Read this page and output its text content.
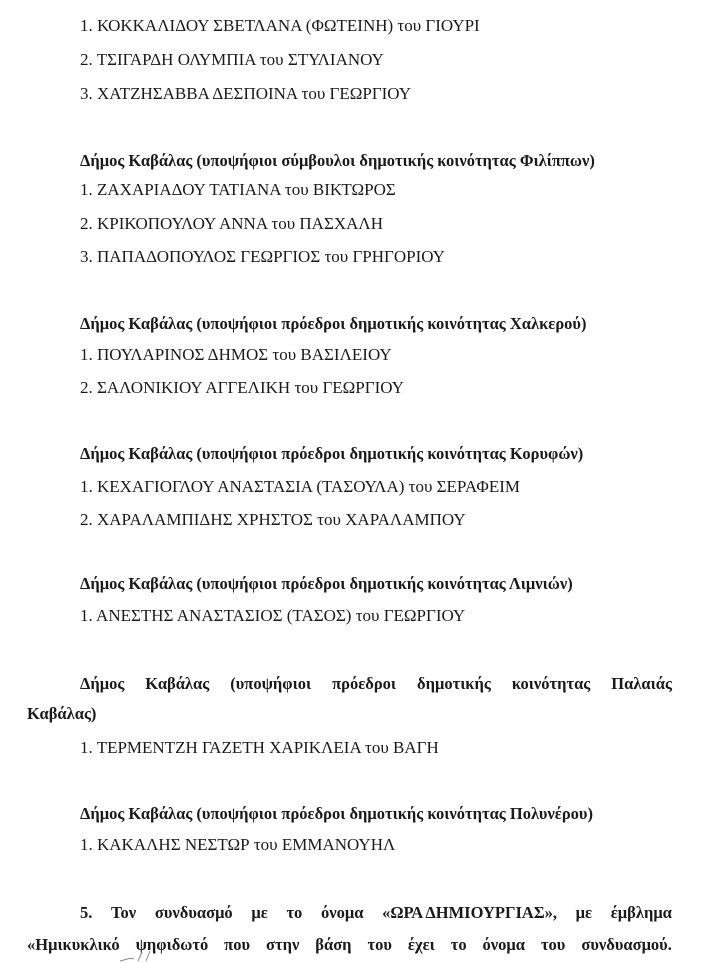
1. ΚΟΚΚΑΛΙΔΟΥ ΣΒΕΤΛΑΝΑ (ΦΩΤΕΙΝΗ) του ΓΙΟΥΡΙ
2. ΤΣΙΓΑΡΔΗ ΟΛΥΜΠΙΑ του ΣΤΥΛΙΑΝΟΥ
3. ΧΑΤΖΗΣΑΒΒΑ ΔΕΣΠΟΙΝΑ του ΓΕΩΡΓΙΟΥ
Δήμος Καβάλας (υποψήφιοι σύμβουλοι δημοτικής κοινότητας Φιλίππων)
1. ΖΑΧΑΡΙΑΔΟΥ ΤΑΤΙΑΝΑ του ΒΙΚΤΩΡΟΣ
2. ΚΡΙΚΟΠΟΥΛΟΥ ΑΝΝΑ του ΠΑΣΧΑΛΗ
3. ΠΑΠΑΔΟΠΟΥΛΟΣ ΓΕΩΡΓΙΟΣ του ΓΡΗΓΟΡΙΟΥ
Δήμος Καβάλας (υποψήφιοι πρόεδροι δημοτικής κοινότητας Χαλκερού)
1. ΠΟΥΛΑΡΙΝΟΣ ΔΗΜΟΣ του ΒΑΣΙΛΕΙΟΥ
2. ΣΑΛΟΝΙΚΙΟΥ ΑΓΓΕΛΙΚΗ του ΓΕΩΡΓΙΟΥ
Δήμος Καβάλας (υποψήφιοι πρόεδροι δημοτικής κοινότητας Κορυφών)
1. ΚΕΧΑΓΙΟΓΛΟΥ ΑΝΑΣΤΑΣΙΑ (ΤΑΣΟΥΛΑ) του ΣΕΡΑΦΕΙΜ
2. ΧΑΡΑΛΑΜΠΙΔΗΣ ΧΡΗΣΤΟΣ του ΧΑΡΑΛΑΜΠΟΥ
Δήμος Καβάλας (υποψήφιοι πρόεδροι δημοτικής κοινότητας Λιμνιών)
1. ΑΝΕΣΤΗΣ ΑΝΑΣΤΑΣΙΟΣ (ΤΑΣΟΣ) του ΓΕΩΡΓΙΟΥ
Δήμος Καβάλας (υποψήφιοι πρόεδροι δημοτικής κοινότητας Παλαιάς
Καβάλας)
1. ΤΕΡΜΕΝΤΖΗ ΓΑΖΕΤΗ ΧΑΡΙΚΛΕΙΑ του ΒΑΓΗ
Δήμος Καβάλας (υποψήφιοι πρόεδροι δημοτικής κοινότητας Πολυνέρου)
1. ΚΑΚΑΛΗΣ ΝΕΣΤΩΡ του ΕΜΜΑΝΟΥΗΛ
5. Τον συνδυασμό με το όνομα «ΩΡΑ ΔΗΜΙΟΥΡΓΙΑΣ», με έμβλημα
«Ημικυκλικό ψηφιδωτό που στην βάση του έχει το όνομα του συνδυασμού.
